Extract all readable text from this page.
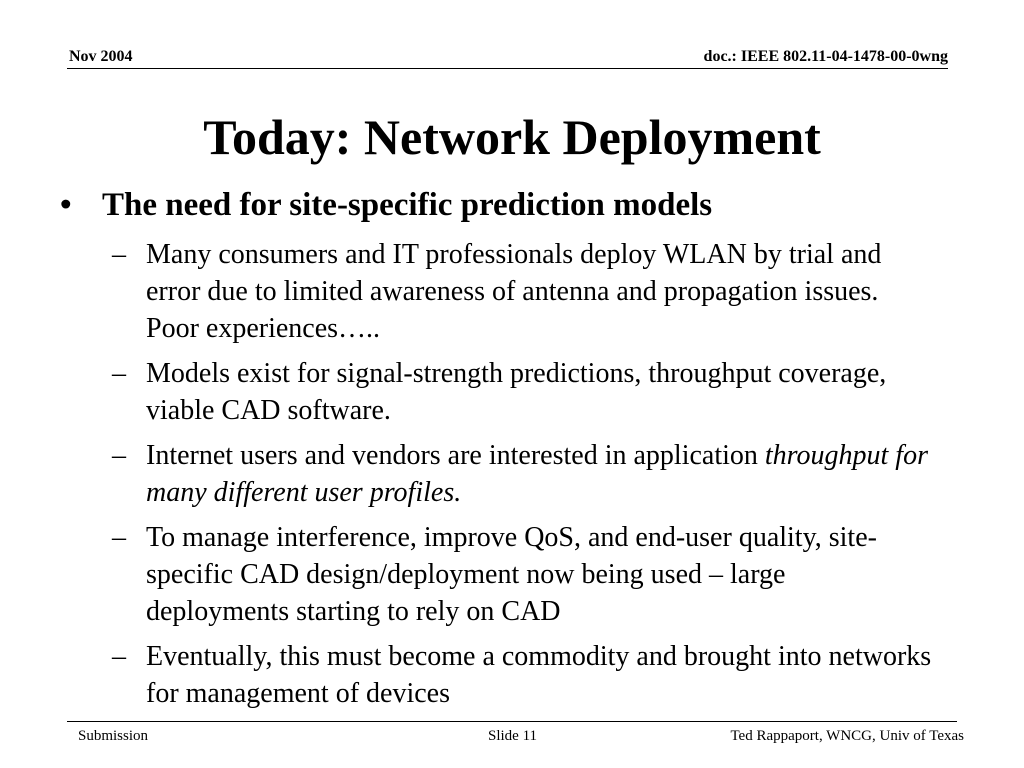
Nov 2004	doc.: IEEE 802.11-04-1478-00-0wng
Today: Network Deployment
• The need for site-specific prediction models
– Many consumers and IT professionals deploy WLAN by trial and error due to limited awareness of antenna and propagation issues. Poor experiences…..
– Models exist for signal-strength predictions, throughput coverage, viable CAD software.
– Internet users and vendors are interested in application throughput for many different user profiles.
– To manage interference, improve QoS, and end-user quality, site-specific CAD design/deployment now being used – large deployments starting to rely on CAD
– Eventually, this must become a commodity and brought into networks for management of devices
Submission	Slide 11	Ted Rappaport, WNCG, Univ of Texas
